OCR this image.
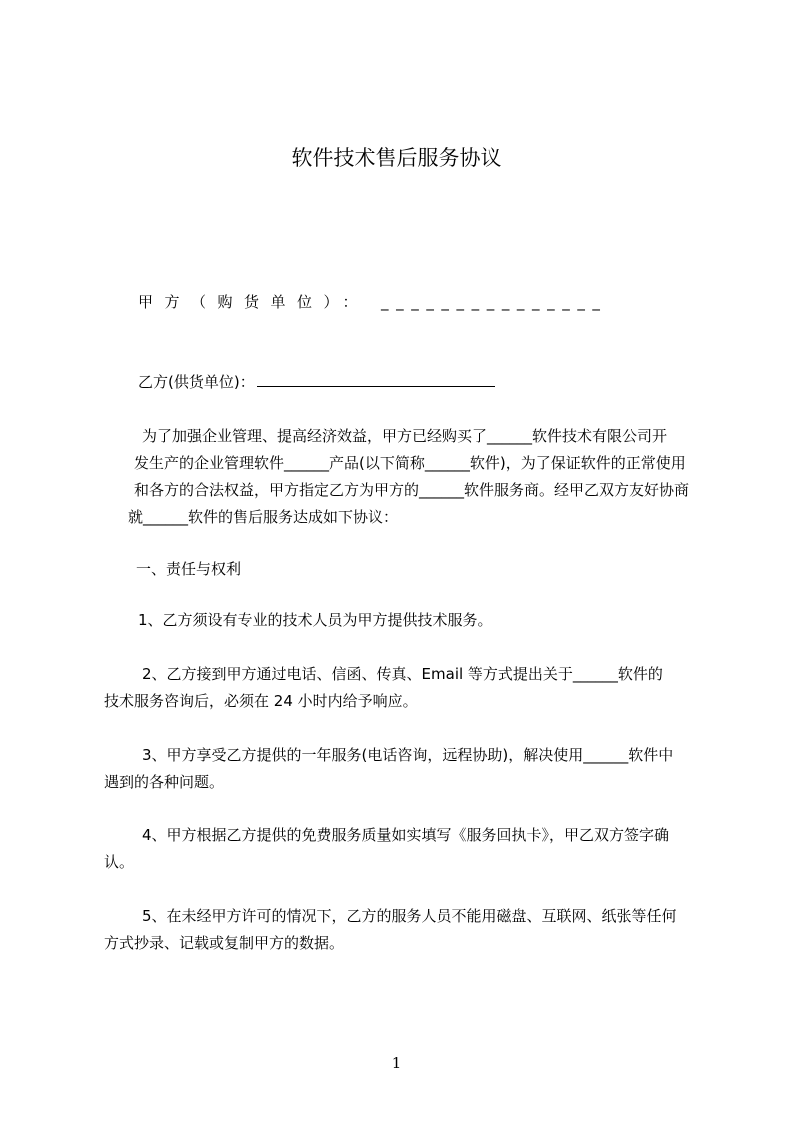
软件技术售后服务协议
甲方（购货单位）： _______________
乙方(供货单位)：

为了加强企业管理、提高经济效益，甲方已经购买了______软件技术有限公司开

发生产的企业管理软件______产品(以下简称______软件)，为了保证软件的正常使用

和各方的合法权益，甲方指定乙方为甲方的______软件服务商。经甲乙双方友好协商

就______软件的售后服务达成如下协议：

一、责任与权利

1、乙方须设有专业的技术人员为甲方提供技术服务。

2、乙方接到甲方通过电话、信函、传真、Email 等方式提出关于______软件的

技术服务咨询后，必须在 24 小时内给予响应。

3、甲方享受乙方提供的一年服务(电话咨询，远程协助)，解决使用______软件中

遇到的各种问题。

4、甲方根据乙方提供的免费服务质量如实填写《服务回执卡》，甲乙双方签字确

认。

5、在未经甲方许可的情况下，乙方的服务人员不能用磁盘、互联网、纸张等任何

方式抄录、记载或复制甲方的数据。

1
